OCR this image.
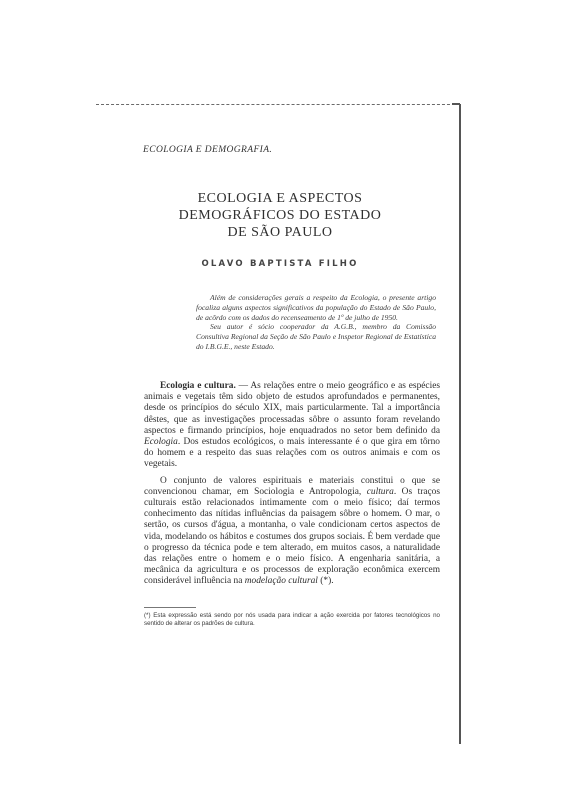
ECOLOGIA E DEMOGRAFIA.
ECOLOGIA E ASPECTOS
DEMOGRÁFICOS DO ESTADO
DE SÃO PAULO
OLAVO BAPTISTA FILHO

Além de considerações gerais a respeito da Ecologia, o presente artigo focaliza alguns aspectos significativos da população do Estado de São Paulo, de acôrdo com os dados do recenseamento de 1º de julho de 1950.

Seu autor é sócio cooperador da A.G.B., membro da Comissão Consultiva Regional da Seção de São Paulo e Inspetor Regional de Estatística do I.B.G.E., neste Estado.

Ecologia e cultura. — As relações entre o meio geográfico e as espécies animais e vegetais têm sido objeto de estudos aprofundados e permanentes, desde os princípios do século XIX, mais particularmente. Tal a importância dêstes, que as investigações processadas sôbre o assunto foram revelando aspectos e firmando princípios, hoje enquadrados no setor bem definido da Ecologia. Dos estudos ecológicos, o mais interessante é o que gira em tôrno do homem e a respeito das suas relações com os outros animais e com os vegetais.

O conjunto de valores espirituais e materiais constitui o que se convencionou chamar, em Sociologia e Antropologia, cultura. Os traços culturais estão relacionados intimamente com o meio físico; daí termos conhecimento das nítidas influências da paisagem sôbre o homem. O mar, o sertão, os cursos d'água, a montanha, o vale condicionam certos aspectos de vida, modelando os hábitos e costumes dos grupos sociais. É bem verdade que o progresso da técnica pode e tem alterado, em muitos casos, a naturalidade das relações entre o homem e o meio físico. A engenharia sanitária, a mecânica da agricultura e os processos de exploração econômica exercem considerável influência na modelação cultural (*).

(*) Esta expressão está sendo por nós usada para indicar a ação exercida por fatores tecnológicos no sentido de alterar os padrões de cultura.
